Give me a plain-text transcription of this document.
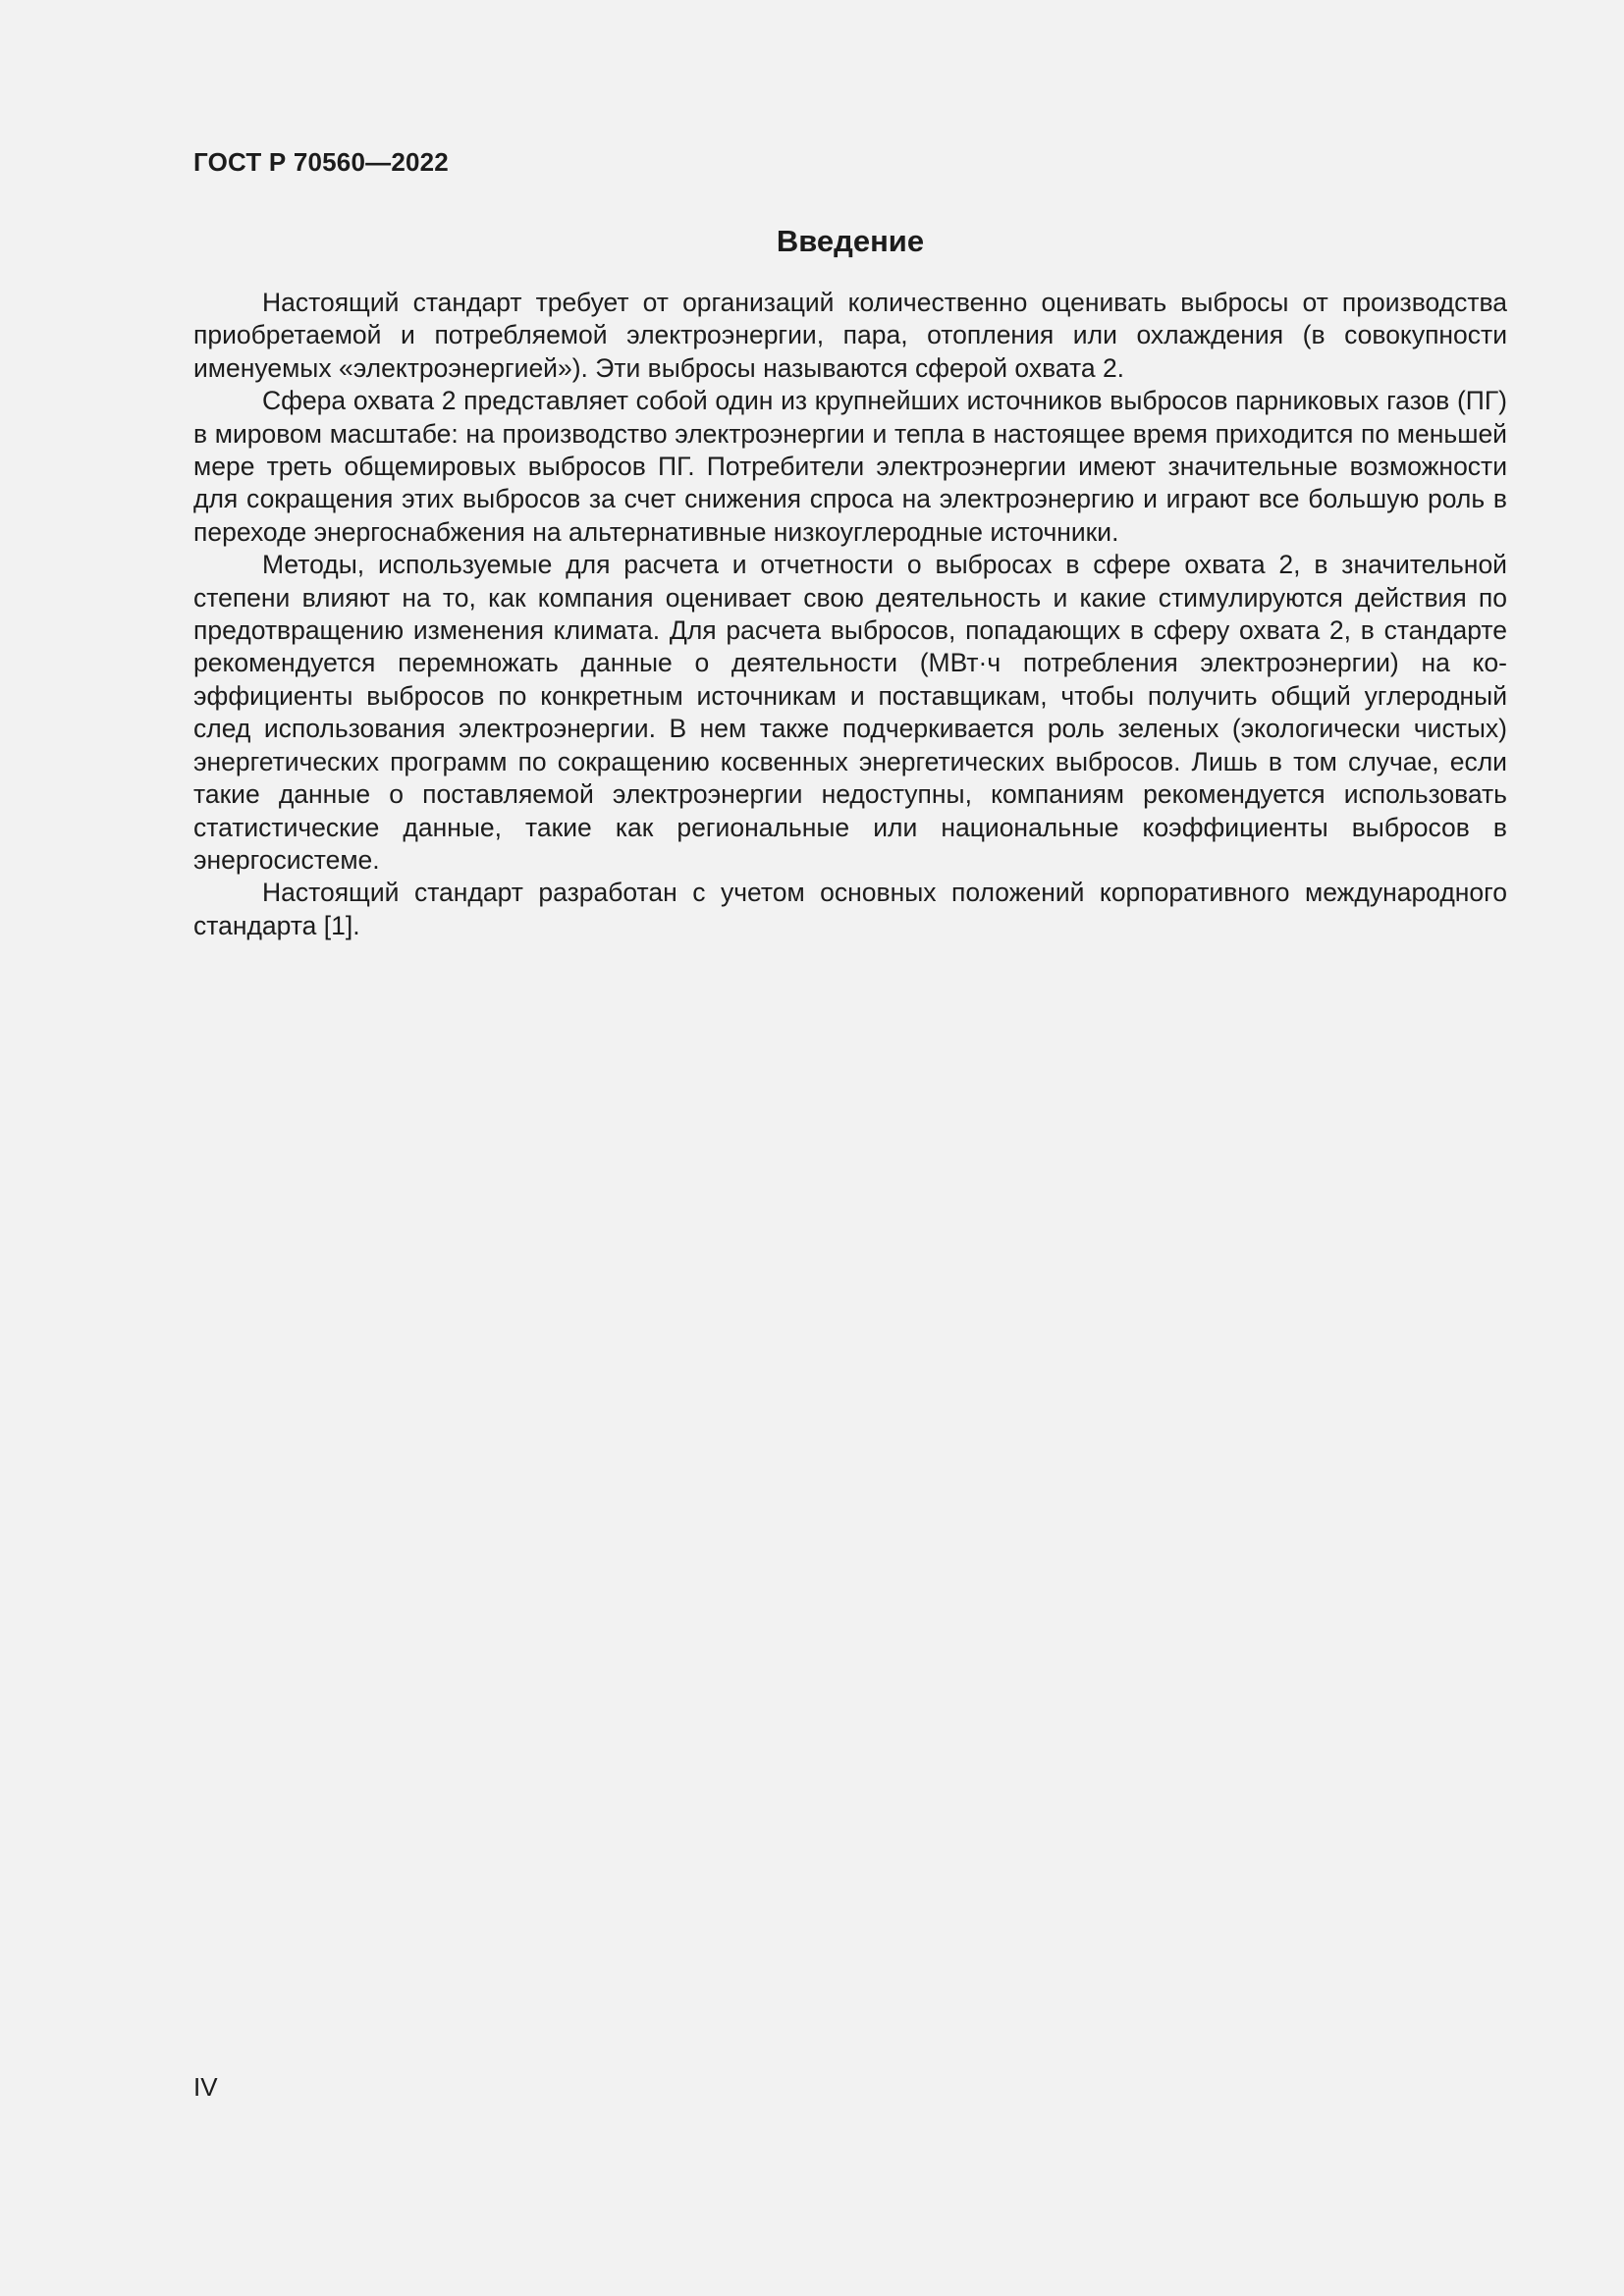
ГОСТ Р 70560—2022
Введение

Настоящий стандарт требует от организаций количественно оценивать выбросы от производства приобретаемой и потребляемой электроэнергии, пара, отопления или охлаждения (в совокупности именуемых «электроэнергией»). Эти выбросы называются сферой охвата 2.

Сфера охвата 2 представляет собой один из крупнейших источников выбросов парниковых газов (ПГ) в мировом масштабе: на производство электроэнергии и тепла в настоящее время приходится по меньшей мере треть общемировых выбросов ПГ. Потребители электроэнергии имеют значительные возможности для сокращения этих выбросов за счет снижения спроса на электроэнергию и играют все большую роль в переходе энергоснабжения на альтернативные низкоуглеродные источники.

Методы, используемые для расчета и отчетности о выбросах в сфере охвата 2, в значительной степени влияют на то, как компания оценивает свою деятельность и какие стимулируются действия по предотвращению изменения климата. Для расчета выбросов, попадающих в сферу охвата 2, в стандарте рекомендуется перемножать данные о деятельности (МВт·ч потребления электроэнергии) на коэффициенты выбросов по конкретным источникам и поставщикам, чтобы получить общий углеродный след использования электроэнергии. В нем также подчеркивается роль зеленых (экологически чистых) энергетических программ по сокращению косвенных энергетических выбросов. Лишь в том случае, если такие данные о поставляемой электроэнергии недоступны, компаниям рекомендуется использовать статистические данные, такие как региональные или национальные коэффициенты выбросов в энергосистеме.

Настоящий стандарт разработан с учетом основных положений корпоративного международного стандарта [1].

IV
